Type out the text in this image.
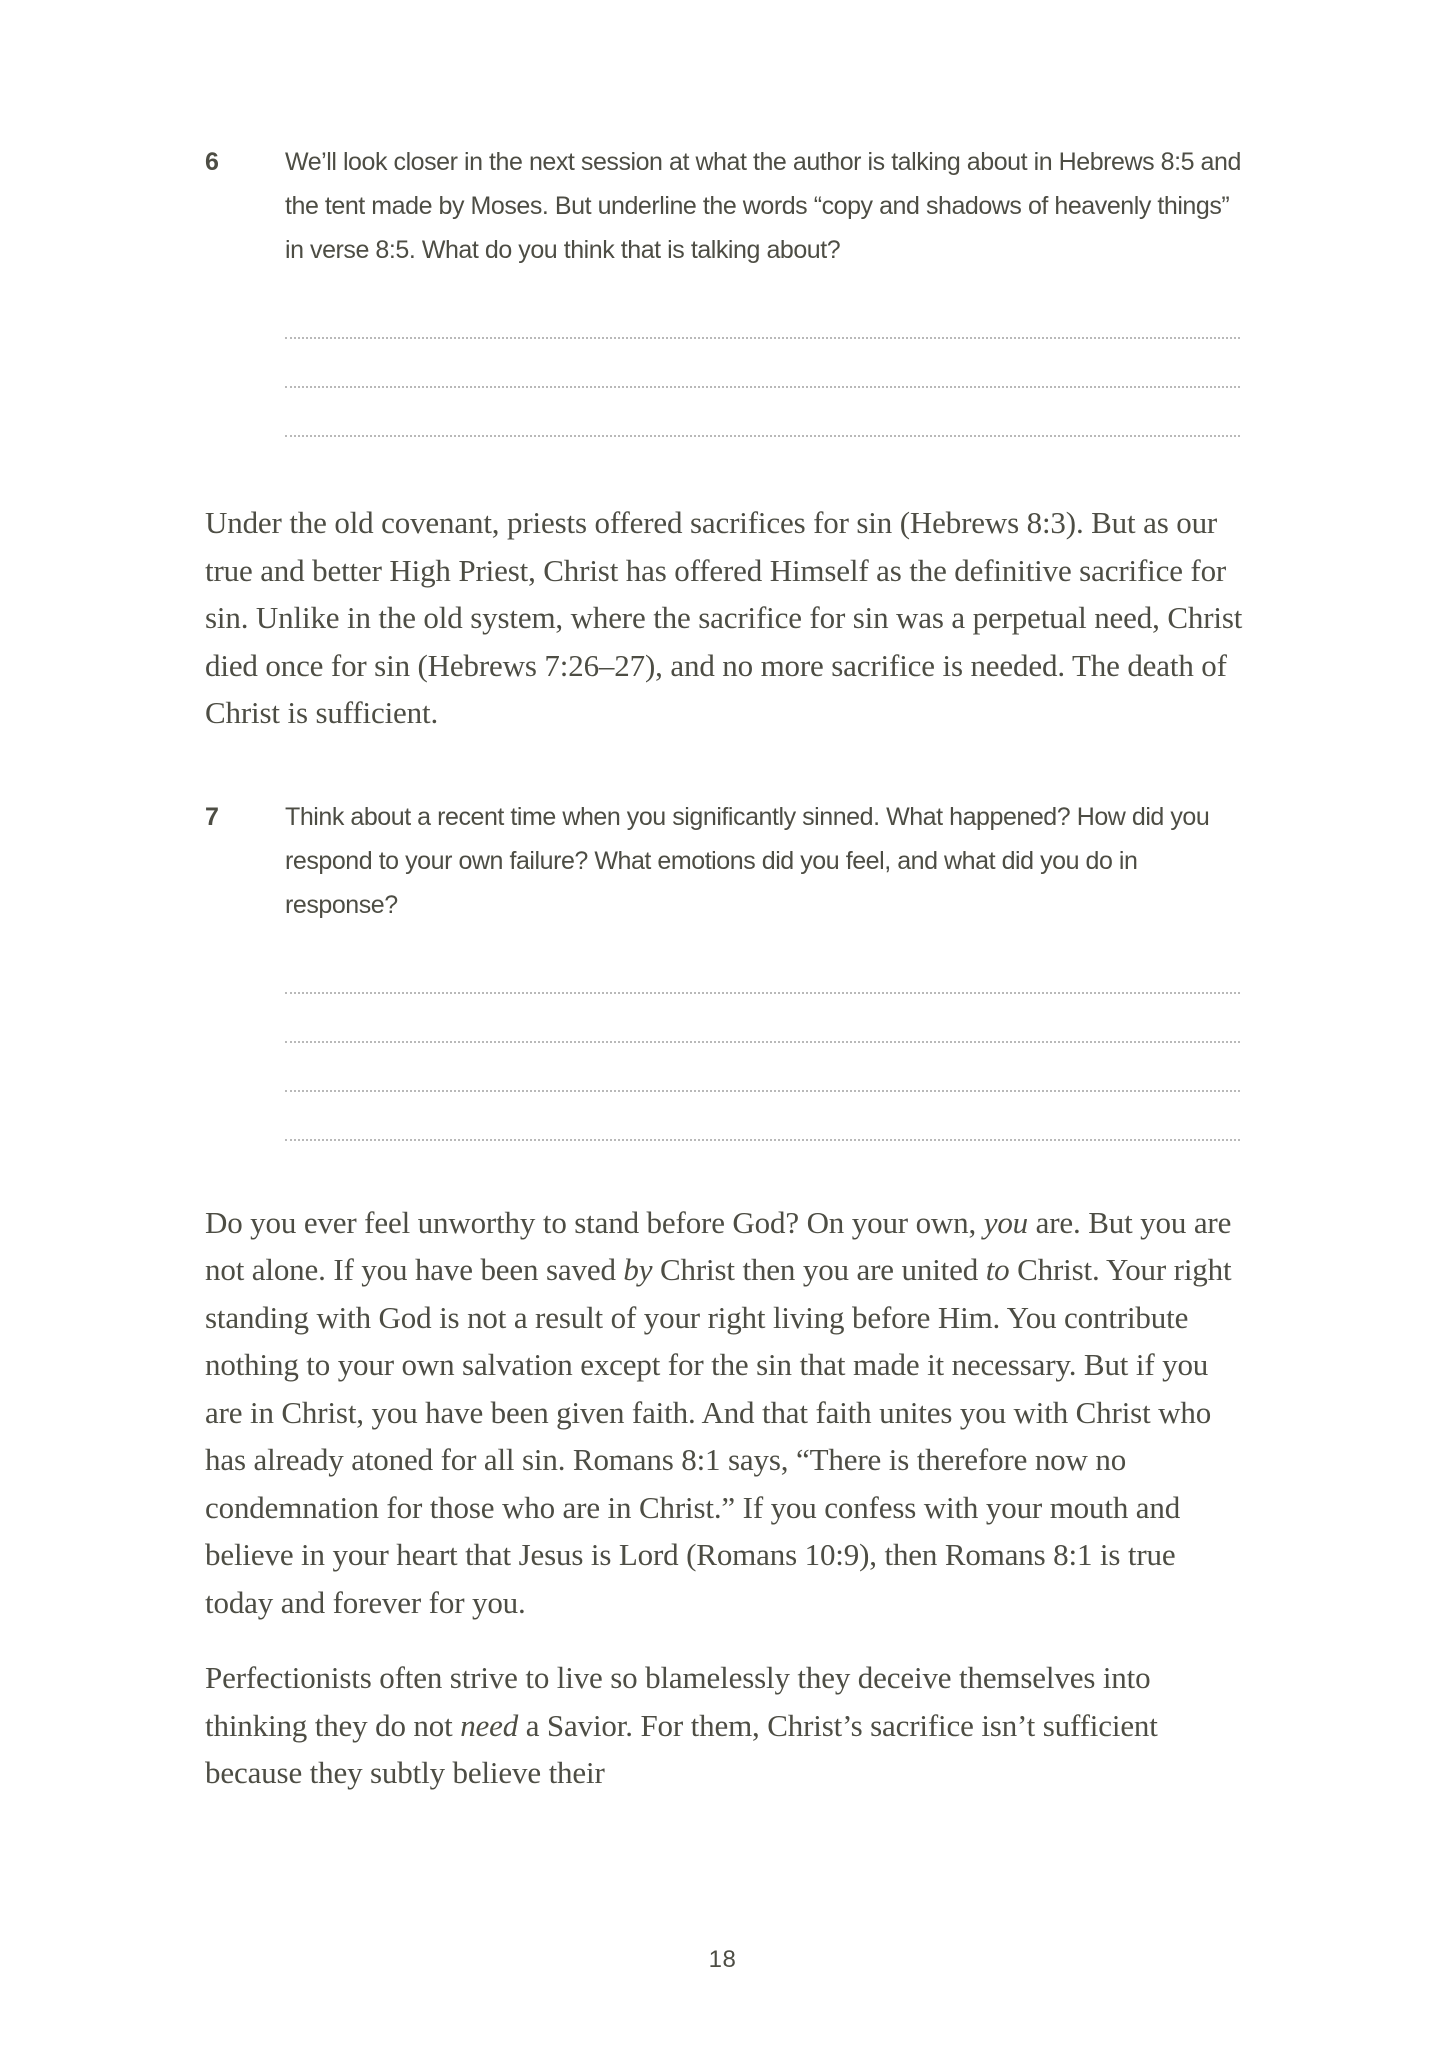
6	We’ll look closer in the next session at what the author is talking about in Hebrews 8:5 and the tent made by Moses. But underline the words “copy and shadows of heavenly things” in verse 8:5. What do you think that is talking about?

Under the old covenant, priests offered sacrifices for sin (Hebrews 8:3). But as our true and better High Priest, Christ has offered Himself as the definitive sacrifice for sin. Unlike in the old system, where the sacrifice for sin was a perpetual need, Christ died once for sin (Hebrews 7:26–27), and no more sacrifice is needed. The death of Christ is sufficient.

7	Think about a recent time when you significantly sinned. What happened? How did you respond to your own failure? What emotions did you feel, and what did you do in response?

Do you ever feel unworthy to stand before God? On your own, you are. But you are not alone. If you have been saved by Christ then you are united to Christ. Your right standing with God is not a result of your right living before Him. You contribute nothing to your own salvation except for the sin that made it necessary. But if you are in Christ, you have been given faith. And that faith unites you with Christ who has already atoned for all sin. Romans 8:1 says, “There is therefore now no condemnation for those who are in Christ.” If you confess with your mouth and believe in your heart that Jesus is Lord (Romans 10:9), then Romans 8:1 is true today and forever for you.

Perfectionists often strive to live so blamelessly they deceive themselves into thinking they do not need a Savior. For them, Christ’s sacrifice isn’t sufficient because they subtly believe their

18
